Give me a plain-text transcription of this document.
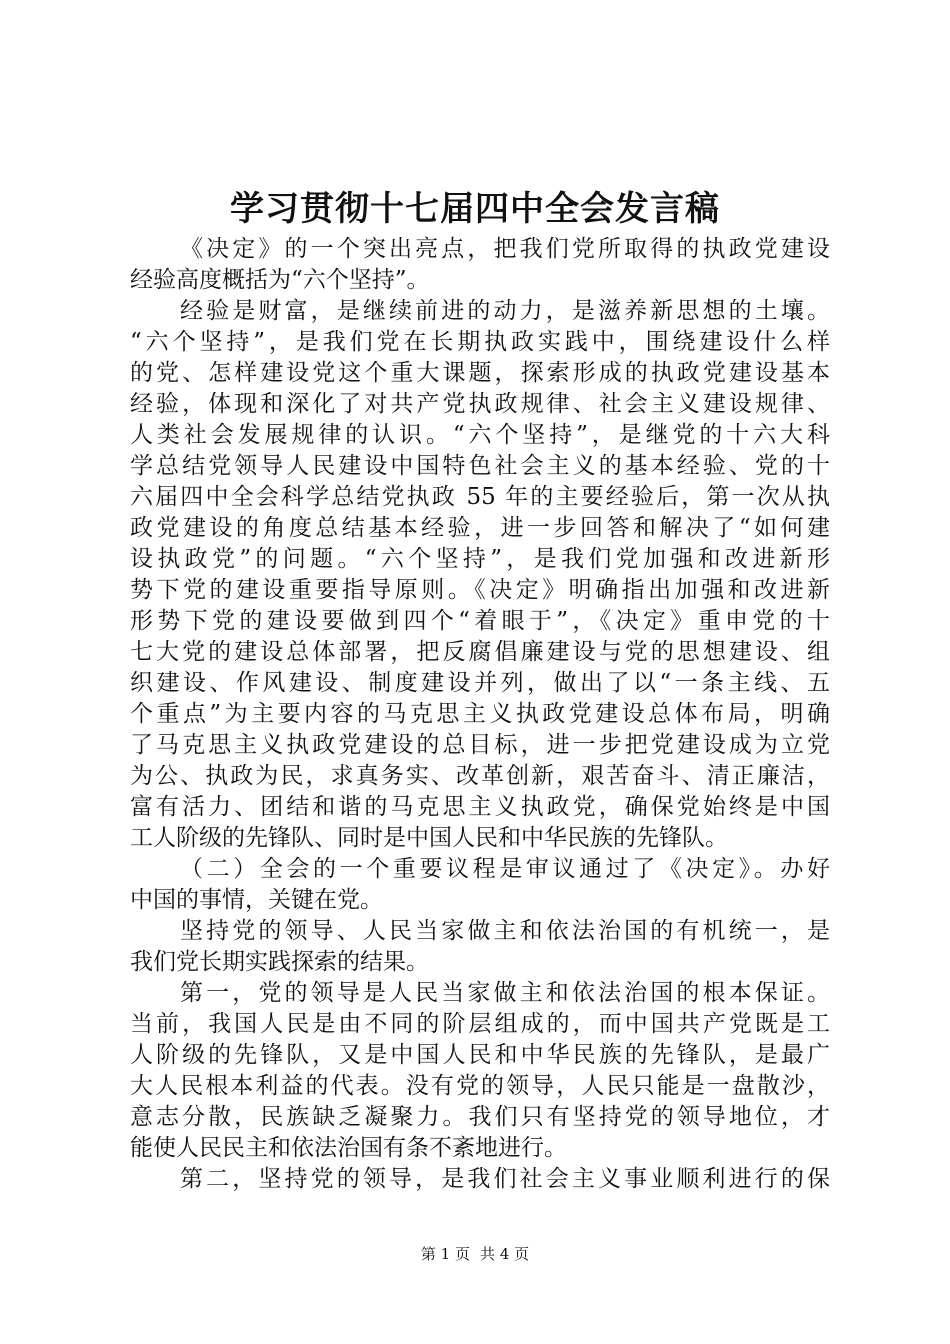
学习贯彻十七届四中全会发言稿
《决定》的一个突出亮点，把我们党所取得的执政党建设
经验高度概括为“六个坚持”。
经验是财富，是继续前进的动力，是滋养新思想的土壤。
“六个坚持”，是我们党在长期执政实践中，围绕建设什么样
的党、怎样建设党这个重大课题，探索形成的执政党建设基本
经验，体现和深化了对共产党执政规律、社会主义建设规律、
人类社会发展规律的认识。“六个坚持”，是继党的十六大科
学总结党领导人民建设中国特色社会主义的基本经验、党的十
六届四中全会科学总结党执政 55 年的主要经验后，第一次从执
政党建设的角度总结基本经验，进一步回答和解决了“如何建
设执政党”的问题。“六个坚持”，是我们党加强和改进新形
势下党的建设重要指导原则。《决定》明确指出加强和改进新
形势下党的建设要做到四个“着眼于”，《决定》重申党的十
七大党的建设总体部署，把反腐倡廉建设与党的思想建设、组
织建设、作风建设、制度建设并列，做出了以“一条主线、五
个重点”为主要内容的马克思主义执政党建设总体布局，明确
了马克思主义执政党建设的总目标，进一步把党建设成为立党
为公、执政为民，求真务实、改革创新，艰苦奋斗、清正廉洁，
富有活力、团结和谐的马克思主义执政党，确保党始终是中国
工人阶级的先锋队、同时是中国人民和中华民族的先锋队。
（二）全会的一个重要议程是审议通过了《决定》。办好
中国的事情，关键在党。
坚持党的领导、人民当家做主和依法治国的有机统一，是
我们党长期实践探索的结果。
第一，党的领导是人民当家做主和依法治国的根本保证。
当前，我国人民是由不同的阶层组成的，而中国共产党既是工
人阶级的先锋队，又是中国人民和中华民族的先锋队，是最广
大人民根本利益的代表。没有党的领导，人民只能是一盘散沙，
意志分散，民族缺乏凝聚力。我们只有坚持党的领导地位，才
能使人民民主和依法治国有条不紊地进行。
第二，坚持党的领导，是我们社会主义事业顺利进行的保
第 1 页 共 4 页
